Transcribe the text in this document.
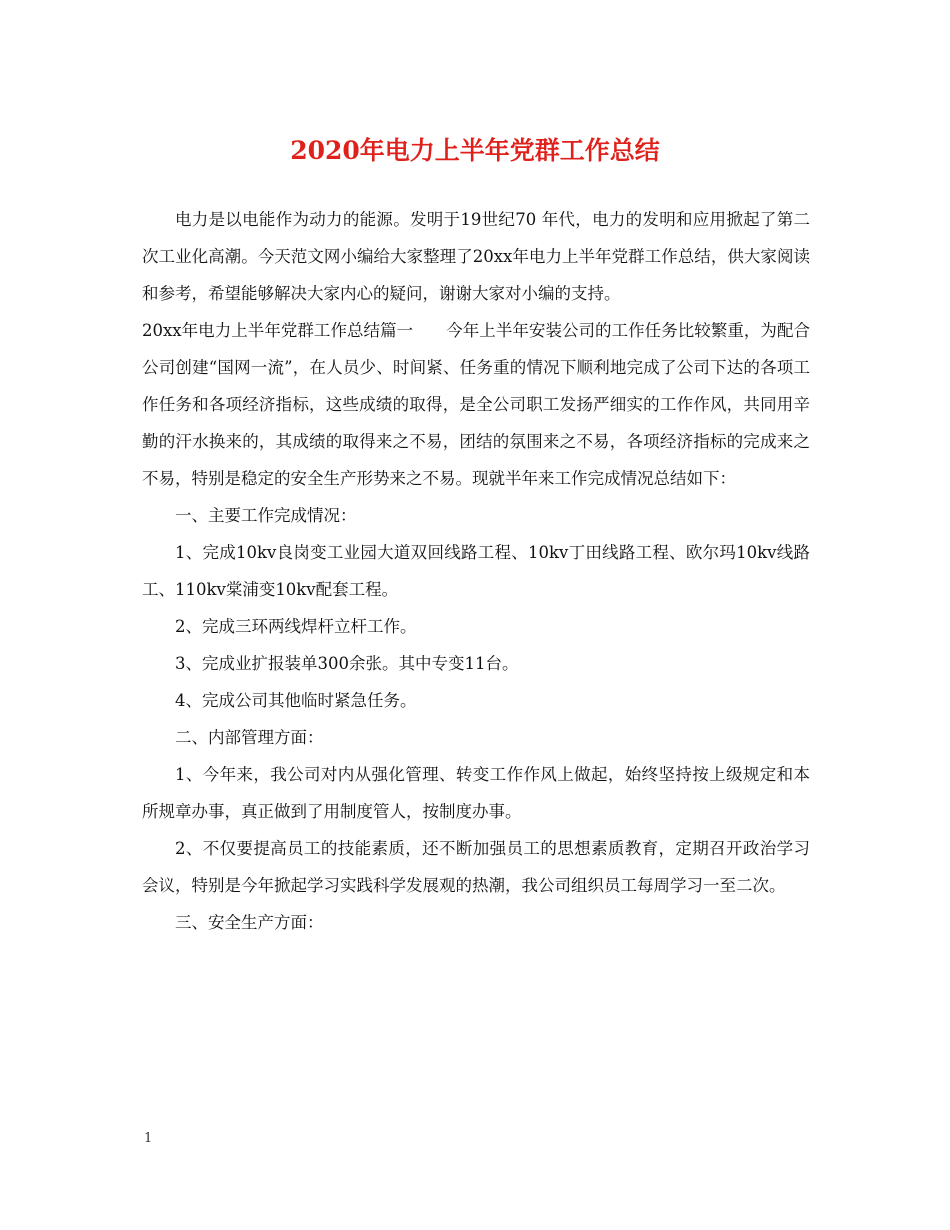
2020年电力上半年党群工作总结

电力是以电能作为动力的能源。发明于19世纪70 年代，电力的发明和应用掀起了第二次工业化高潮。今天范文网小编给大家整理了20xx年电力上半年党群工作总结，供大家阅读和参考，希望能够解决大家内心的疑问，谢谢大家对小编的支持。

20xx年电力上半年党群工作总结篇一　　今年上半年安装公司的工作任务比较繁重，为配合公司创建“国网一流”，在人员少、时间紧、任务重的情况下顺利地完成了公司下达的各项工作任务和各项经济指标，这些成绩的取得，是全公司职工发扬严细实的工作作风，共同用辛勤的汗水换来的，其成绩的取得来之不易，团结的氛围来之不易，各项经济指标的完成来之不易，特别是稳定的安全生产形势来之不易。现就半年来工作完成情况总结如下：

一、主要工作完成情况：

1、完成10kv良岗变工业园大道双回线路工程、10kv丁田线路工程、欧尔玛10kv线路工、110kv棠浦变10kv配套工程。

2、完成三环两线焊杆立杆工作。

3、完成业扩报装单300余张。其中专变11台。

4、完成公司其他临时紧急任务。

二、内部管理方面：

1、今年来，我公司对内从强化管理、转变工作作风上做起，始终坚持按上级规定和本所规章办事，真正做到了用制度管人，按制度办事。

2、不仅要提高员工的技能素质，还不断加强员工的思想素质教育，定期召开政治学习会议，特别是今年掀起学习实践科学发展观的热潮，我公司组织员工每周学习一至二次。

三、安全生产方面：

1
